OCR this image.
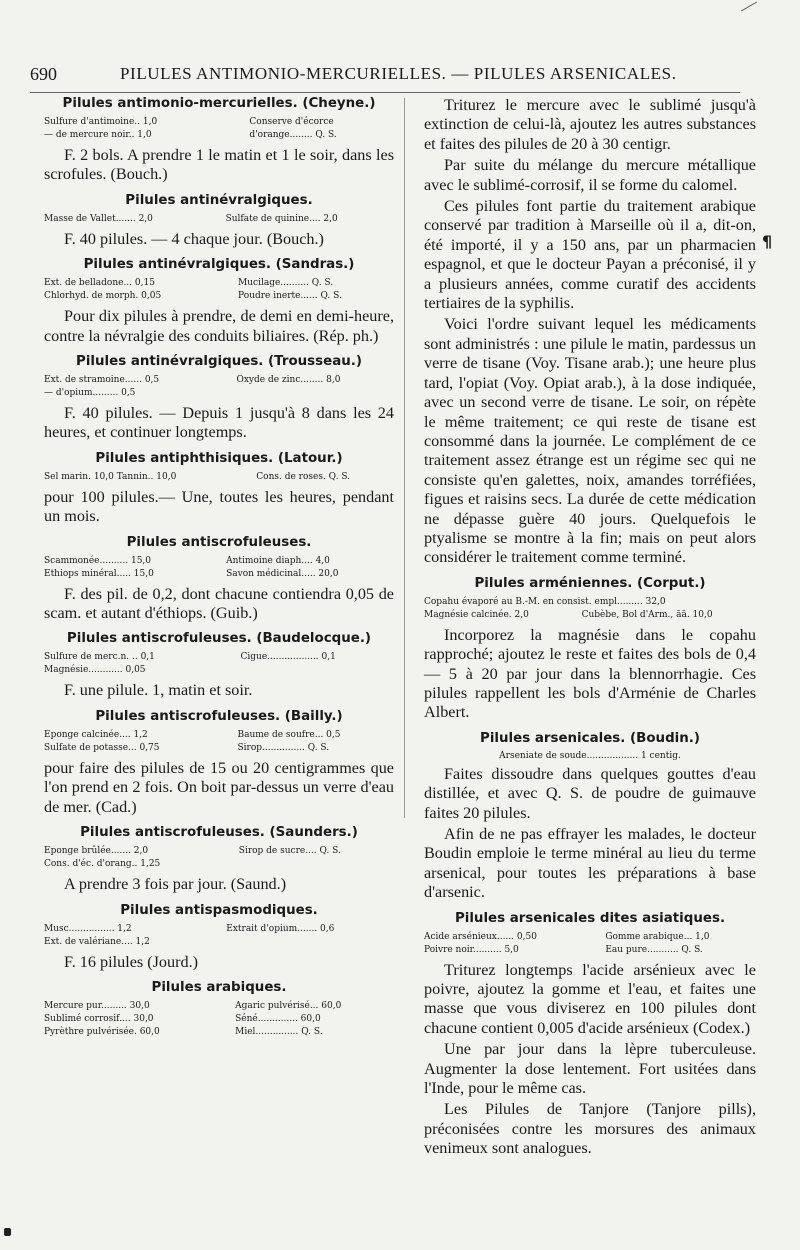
690	PILULES ANTIMONIO-MERCURIELLES. — PILULES ARSENICALES.
Pilules antimonio-mercurielles. (Cheyne.)
Sulfure d'antimoine.. 1,0		Conserve d'écorce
— de mercure noir.. 1,0		d'orange........ Q. S.

F. 2 bols. A prendre 1 le matin et 1 le soir, dans les scrofules. (Bouch.)

Pilules antinévralgiques.
Masse de Vallet....... 2,0		Sulfate de quinine.... 2,0

F. 40 pilules. — 4 chaque jour. (Bouch.)

Pilules antinévralgiques. (Sandras.)
Ext. de belladone... 0,15		Mucilage.......... Q. S.
Chlorhyd. de morph. 0,05		Poudre inerte...... Q. S.

Pour dix pilules à prendre, de demi en demi-heure, contre la névralgie des conduits biliaires. (Rép. ph.)

Pilules antinévralgiques. (Trousseau.)
Ext. de stramoine...... 0,5		Oxyde de zinc........ 8,0
— d'opium......... 0,5		

F. 40 pilules. — Depuis 1 jusqu'à 8 dans les 24 heures, et continuer longtemps.

Pilules antiphthisiques. (Latour.)
Sel marin. 10,0 Tannin.. 10,0		Cons. de roses. Q. S.

pour 100 pilules.— Une, toutes les heures, pendant un mois.

Pilules antiscrofuleuses.
Scammonée.......... 15,0		Antimoine diaph.... 4,0
Ethiops minéral..... 15,0		Savon médicinal..... 20,0

F. des pil. de 0,2, dont chacune contiendra 0,05 de scam. et autant d'éthiops. (Guib.)

Pilules antiscrofuleuses. (Baudelocque.)
Sulfure de merc.n. .. 0,1		Cigue.................. 0,1
Magnésie............ 0,05		

F. une pilule. 1, matin et soir.

Pilules antiscrofuleuses. (Bailly.)
Eponge calcinée.... 1,2		Baume de soufre... 0,5
Sulfate de potasse... 0,75		Sirop............... Q. S.

pour faire des pilules de 15 ou 20 centigrammes que l'on prend en 2 fois. On boit par-dessus un verre d'eau de mer. (Cad.)

Pilules antiscrofuleuses. (Saunders.)
Eponge brûlée....... 2,0		Sirop de sucre.... Q. S.
Cons. d'éc. d'orang.. 1,25		

A prendre 3 fois par jour. (Saund.)

Pilules antispasmodiques.
Musc................ 1,2		Extrait d'opium....... 0,6
Ext. de valériane.... 1,2		

F. 16 pilules (Jourd.)

Pilules arabiques.
Mercure pur......... 30,0		Agaric pulvérisé... 60,0
Sublimé corrosif.... 30,0		Séné.............. 60,0
Pyrèthre pulvérisée. 60,0		Miel............... Q. S.

Triturez le mercure avec le sublimé jusqu'à extinction de celui-là, ajoutez les autres substances et faites des pilules de 20 à 30 centigr.

Par suite du mélange du mercure métallique avec le sublimé-corrosif, il se forme du calomel.

Ces pilules font partie du traitement arabique conservé par tradition à Marseille où il a, dit-on, été importé, il y a 150 ans, par un pharmacien espagnol, et que le docteur Payan a préconisé, il y a plusieurs années, comme curatif des accidents tertiaires de la syphilis.

Voici l'ordre suivant lequel les médicaments sont administrés : une pilule le matin, pardessus un verre de tisane (Voy. Tisane arab.); une heure plus tard, l'opiat (Voy. Opiat arab.), à la dose indiquée, avec un second verre de tisane. Le soir, on répète le même traitement; ce qui reste de tisane est consommé dans la journée. Le complément de ce traitement assez étrange est un régime sec qui ne consiste qu'en galettes, noix, amandes torréfiées, figues et raisins secs. La durée de cette médication ne dépasse guère 40 jours. Quelquefois le ptyalisme se montre à la fin; mais on peut alors considérer le traitement comme terminé.

Pilules arméniennes. (Corput.)
Copahu évaporé au B.-M. en consist. empl......... 32,0
Magnésie calcinée. 2,0		Cubèbe, Bol d'Arm., āā. 10,0

Incorporez la magnésie dans le copahu rapproché; ajoutez le reste et faites des bols de 0,4 — 5 à 20 par jour dans la blennorrhagie. Ces pilules rappellent les bols d'Arménie de Charles Albert.

Pilules arsenicales. (Boudin.)
Arseniate de soude.................. 1 centig.

Faites dissoudre dans quelques gouttes d'eau distillée, et avec Q. S. de poudre de guimauve faites 20 pilules.

Afin de ne pas effrayer les malades, le docteur Boudin emploie le terme minéral au lieu du terme arsenical, pour toutes les préparations à base d'arsenic.

Pilules arsenicales dites asiatiques.
Acide arsénieux...... 0,50		Gomme arabique... 1,0
Poivre noir.......... 5,0		Eau pure........... Q. S.

Triturez longtemps l'acide arsénieux avec le poivre, ajoutez la gomme et l'eau, et faites une masse que vous diviserez en 100 pilules dont chacune contient 0,005 d'acide arsénieux (Codex.)

Une par jour dans la lèpre tuberculeuse. Augmenter la dose lentement. Fort usitées dans l'Inde, pour le même cas.

Les Pilules de Tanjore (Tanjore pills), préconisées contre les morsures des animaux venimeux sont analogues.

¶
